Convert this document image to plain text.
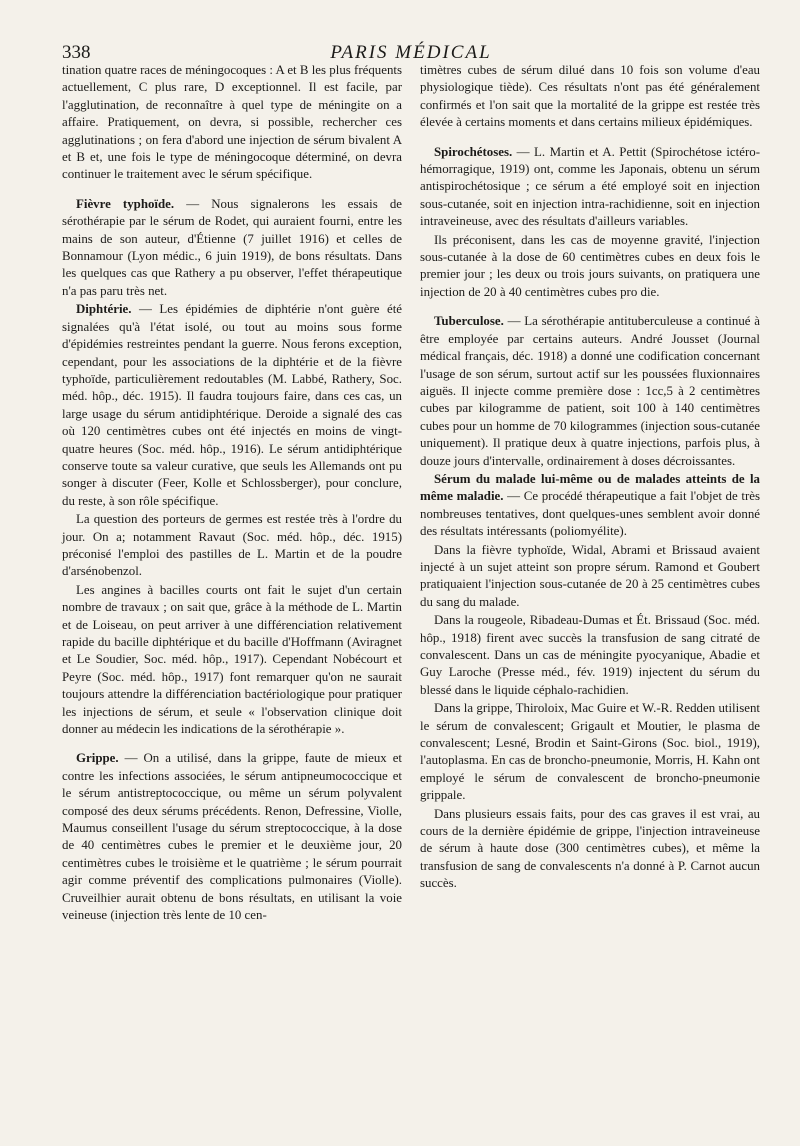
338	PARIS MÉDICAL

tination quatre races de méningocoques : A et B les plus fréquents actuellement, C plus rare, D exceptionnel. Il est facile, par l'agglutination, de reconnaître à quel type de méningite on a affaire. Pratiquement, on devra, si possible, rechercher ces agglutinations ; on fera d'abord une injection de sérum bivalent A et B et, une fois le type de méningocoque déterminé, on devra continuer le traitement avec le sérum spécifique.

Fièvre typhoïde. — Nous signalerons les essais de sérothérapie par le sérum de Rodet, qui auraient fourni, entre les mains de son auteur, d'Étienne (7 juillet 1916) et celles de Bonnamour (Lyon médic., 6 juin 1919), de bons résultats. Dans les quelques cas que Rathery a pu observer, l'effet thérapeutique n'a pas paru très net.

Diphtérie. — Les épidémies de diphtérie n'ont guère été signalées qu'à l'état isolé, ou tout au moins sous forme d'épidémies restreintes pendant la guerre. Nous ferons exception, cependant, pour les associations de la diphtérie et de la fièvre typhoïde, particulièrement redoutables (M. Labbé, Rathery, Soc. méd. hôp., déc. 1915). Il faudra toujours faire, dans ces cas, un large usage du sérum antidiphtérique. Deroide a signalé des cas où 120 centimètres cubes ont été injectés en moins de vingt-quatre heures (Soc. méd. hôp., 1916). Le sérum antidiphtérique conserve toute sa valeur curative, que seuls les Allemands ont pu songer à discuter (Feer, Kolle et Schlossberger), pour conclure, du reste, à son rôle spécifique.

La question des porteurs de germes est restée très à l'ordre du jour. On a; notamment Ravaut (Soc. méd. hôp., déc. 1915) préconisé l'emploi des pastilles de L. Martin et de la poudre d'arsénobenzol.

Les angines à bacilles courts ont fait le sujet d'un certain nombre de travaux ; on sait que, grâce à la méthode de L. Martin et de Loiseau, on peut arriver à une différenciation relativement rapide du bacille diphtérique et du bacille d'Hoffmann (Aviragnet et Le Soudier, Soc. méd. hôp., 1917). Cependant Nobécourt et Peyre (Soc. méd. hôp., 1917) font remarquer qu'on ne saurait toujours attendre la différenciation bactériologique pour pratiquer les injections de sérum, et seule « l'observation clinique doit donner au médecin les indications de la sérothérapie ».

Grippe. — On a utilisé, dans la grippe, faute de mieux et contre les infections associées, le sérum antipneumococcique et le sérum antistreptococcique, ou même un sérum polyvalent composé des deux sérums précédents. Renon, Defressine, Violle, Maumus conseillent l'usage du sérum streptococcique, à la dose de 40 centimètres cubes le premier et le deuxième jour, 20 centimètres cubes le troisième et le quatrième ; le sérum pourrait agir comme préventif des complications pulmonaires (Violle). Cruveilhier aurait obtenu de bons résultats, en utilisant la voie veineuse (injection très lente de 10 cen-

timètres cubes de sérum dilué dans 10 fois son volume d'eau physiologique tiède). Ces résultats n'ont pas été généralement confirmés et l'on sait que la mortalité de la grippe est restée très élevée à certains moments et dans certains milieux épidémiques.

Spirochétoses. — L. Martin et A. Pettit (Spirochétose ictéro-hémorragique, 1919) ont, comme les Japonais, obtenu un sérum antispirochétosique ; ce sérum a été employé soit en injection sous-cutanée, soit en injection intra-rachidienne, soit en injection intraveineuse, avec des résultats d'ailleurs variables.

Ils préconisent, dans les cas de moyenne gravité, l'injection sous-cutanée à la dose de 60 centimètres cubes en deux fois le premier jour ; les deux ou trois jours suivants, on pratiquera une injection de 20 à 40 centimètres cubes pro die.

Tuberculose. — La sérothérapie antituberculeuse a continué à être employée par certains auteurs. André Jousset (Journal médical français, déc. 1918) a donné une codification concernant l'usage de son sérum, surtout actif sur les poussées fluxionnaires aiguës. Il injecte comme première dose : 1cc,5 à 2 centimètres cubes par kilogramme de patient, soit 100 à 140 centimètres cubes pour un homme de 70 kilogrammes (injection sous-cutanée uniquement). Il pratique deux à quatre injections, parfois plus, à douze jours d'intervalle, ordinairement à doses décroissantes.

Sérum du malade lui-même ou de malades atteints de la même maladie. — Ce procédé thérapeutique a fait l'objet de très nombreuses tentatives, dont quelques-unes semblent avoir donné des résultats intéressants (poliomyélite).

Dans la fièvre typhoïde, Widal, Abrami et Brissaud avaient injecté à un sujet atteint son propre sérum. Ramond et Goubert pratiquaient l'injection sous-cutanée de 20 à 25 centimètres cubes du sang du malade.

Dans la rougeole, Ribadeau-Dumas et Ét. Brissaud (Soc. méd. hôp., 1918) firent avec succès la transfusion de sang citraté de convalescent. Dans un cas de méningite pyocyanique, Abadie et Guy Laroche (Presse méd., fév. 1919) injectent du sérum du blessé dans le liquide céphalo-rachidien.

Dans la grippe, Thiroloix, Mac Guire et W.-R. Redden utilisent le sérum de convalescent; Grigault et Moutier, le plasma de convalescent; Lesné, Brodin et Saint-Girons (Soc. biol., 1919), l'autoplasma. En cas de broncho-pneumonie, Morris, H. Kahn ont employé le sérum de convalescent de broncho-pneumonie grippale.

Dans plusieurs essais faits, pour des cas graves il est vrai, au cours de la dernière épidémie de grippe, l'injection intraveineuse de sérum à haute dose (300 centimètres cubes), et même la transfusion de sang de convalescents n'a donné à P. Carnot aucun succès.
